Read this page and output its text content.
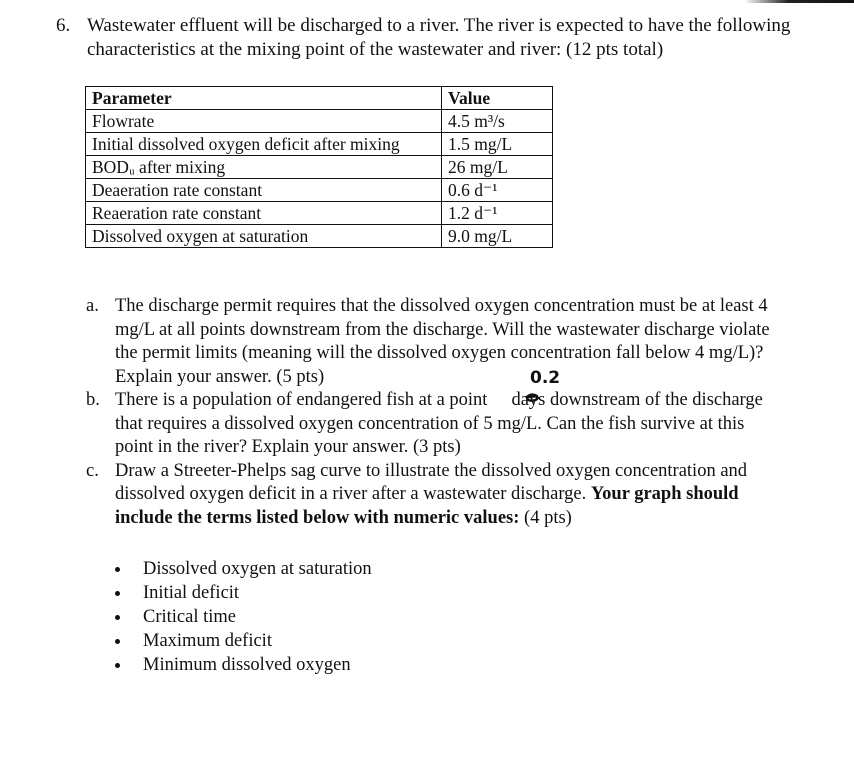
6. Wastewater effluent will be discharged to a river. The river is expected to have the following characteristics at the mixing point of the wastewater and river: (12 pts total)
Parameter	Value
Flowrate	4.5 m³/s
Initial dissolved oxygen deficit after mixing	1.5 mg/L
BODᵤ after mixing	26 mg/L
Deaeration rate constant	0.6 d⁻¹
Reaeration rate constant	1.2 d⁻¹
Dissolved oxygen at saturation	9.0 mg/L
a. The discharge permit requires that the dissolved oxygen concentration must be at least 4 mg/L at all points downstream from the discharge. Will the wastewater discharge violate the permit limits (meaning will the dissolved oxygen concentration fall below 4 mg/L)? Explain your answer. (5 pts)
b. There is a population of endangered fish at a point days downstream of the discharge that requires a dissolved oxygen concentration of 5 mg/L. Can the fish survive at this point in the river? Explain your answer. (3 pts)
c. Draw a Streeter-Phelps sag curve to illustrate the dissolved oxygen concentration and dissolved oxygen deficit in a river after a wastewater discharge. Your graph should include the terms listed below with numeric values: (4 pts)
0.2
Dissolved oxygen at saturation
Initial deficit
Critical time
Maximum deficit
Minimum dissolved oxygen
